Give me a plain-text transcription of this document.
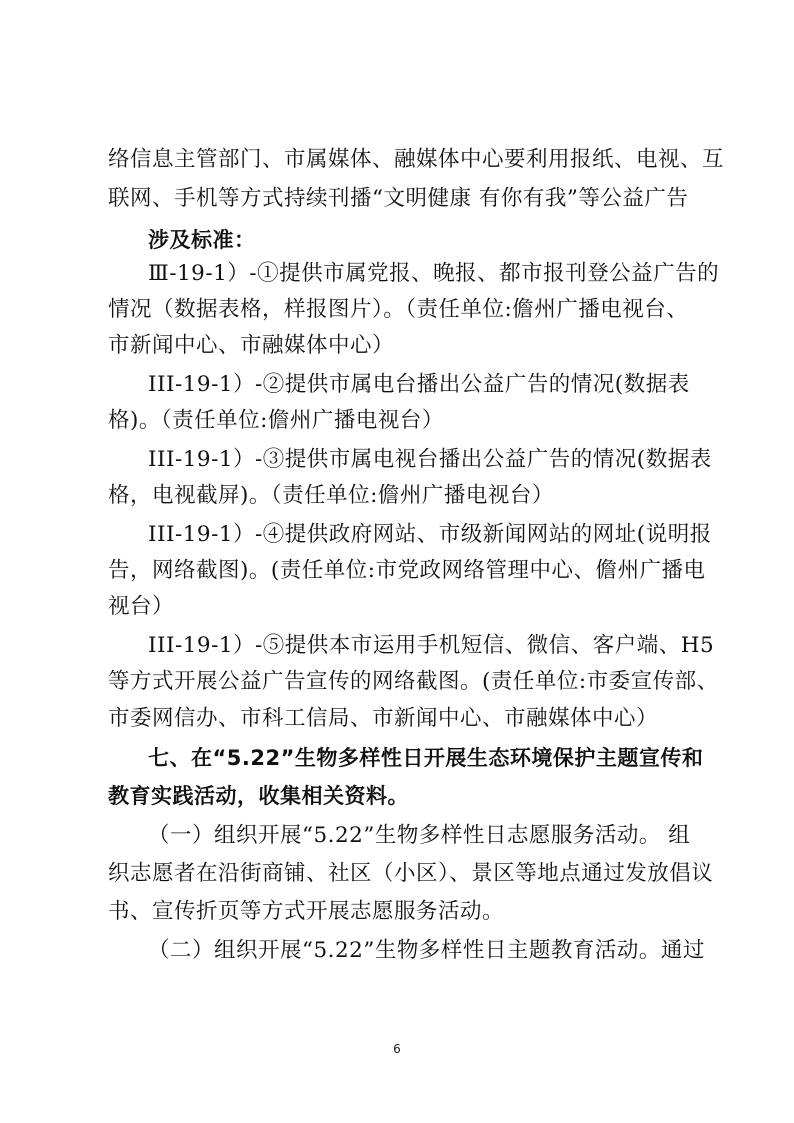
络信息主管部门、市属媒体、融媒体中心要利用报纸、电视、互
联网、手机等方式持续刊播“文明健康 有你有我”等公益广告
涉及标准：
Ⅲ-19-1）-①提供市属党报、晚报、都市报刊登公益广告的
情况（数据表格，样报图片）。（责任单位:儋州广播电视台、
市新闻中心、市融媒体中心）
III-19-1）-②提供市属电台播出公益广告的情况(数据表
格)。（责任单位:儋州广播电视台）
III-19-1）-③提供市属电视台播出公益广告的情况(数据表
格，电视截屏)。（责任单位:儋州广播电视台）
III-19-1）-④提供政府网站、市级新闻网站的网址(说明报
告，网络截图)。(责任单位:市党政网络管理中心、儋州广播电
视台）
III-19-1）-⑤提供本市运用手机短信、微信、客户端、H5
等方式开展公益广告宣传的网络截图。(责任单位:市委宣传部、
市委网信办、市科工信局、市新闻中心、市融媒体中心）
七、在“5.22”生物多样性日开展生态环境保护主题宣传和
教育实践活动，收集相关资料。
（一）组织开展“5.22”生物多样性日志愿服务活动。 组
织志愿者在沿街商铺、社区（小区）、景区等地点通过发放倡议
书、宣传折页等方式开展志愿服务活动。
（二）组织开展“5.22”生物多样性日主题教育活动。通过
6
